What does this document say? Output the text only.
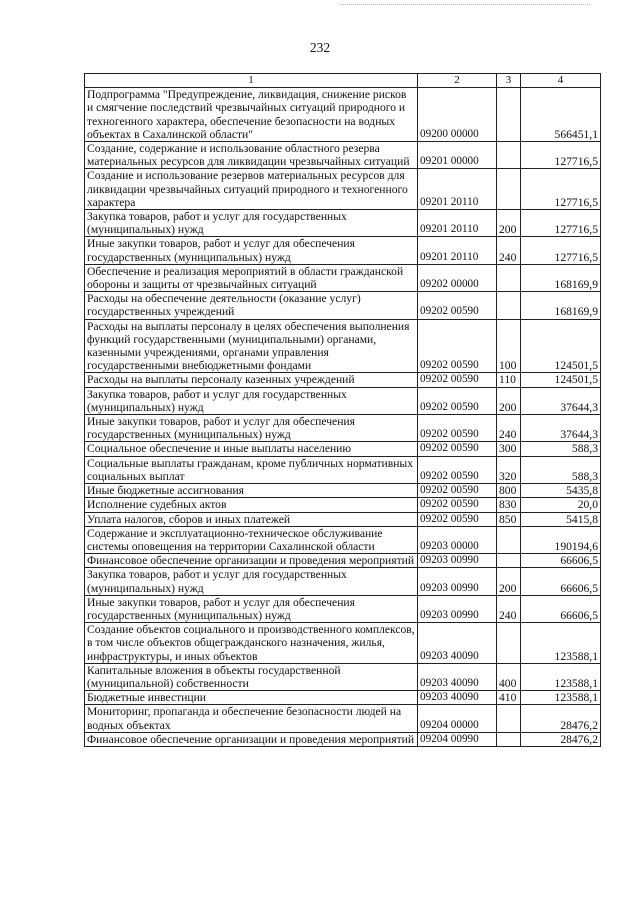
232
1	2	3	4
Подпрограмма "Предупреждение, ликвидация, снижение рисков и смягчение последствий чрезвычайных ситуаций природного и техногенного характера, обеспечение безопасности на водных объектах в Сахалинской области"	09200 00000		566451,1
Создание, содержание и использование областного резерва материальных ресурсов для ликвидации чрезвычайных ситуаций	09201 00000		127716,5
Создание и использование резервов материальных ресурсов для ликвидации чрезвычайных ситуаций природного и техногенного характера	09201 20110		127716,5
Закупка товаров, работ и услуг для государственных (муниципальных) нужд	09201 20110	200	127716,5
Иные закупки товаров, работ и услуг для обеспечения государственных (муниципальных) нужд	09201 20110	240	127716,5
Обеспечение и реализация мероприятий в области гражданской обороны и защиты от чрезвычайных ситуаций	09202 00000		168169,9
Расходы на обеспечение деятельности (оказание услуг) государственных учреждений	09202 00590		168169,9
Расходы на выплаты персоналу в целях обеспечения выполнения функций государственными (муниципальными) органами, казенными учреждениями, органами управления государственными внебюджетными фондами	09202 00590	100	124501,5
Расходы на выплаты персоналу казенных учреждений	09202 00590	110	124501,5
Закупка товаров, работ и услуг для государственных (муниципальных) нужд	09202 00590	200	37644,3
Иные закупки товаров, работ и услуг для обеспечения государственных (муниципальных) нужд	09202 00590	240	37644,3
Социальное обеспечение и иные выплаты населению	09202 00590	300	588,3
Социальные выплаты гражданам, кроме публичных нормативных социальных выплат	09202 00590	320	588,3
Иные бюджетные ассигнования	09202 00590	800	5435,8
Исполнение судебных актов	09202 00590	830	20,0
Уплата налогов, сборов и иных платежей	09202 00590	850	5415,8
Содержание и эксплуатационно-техническое обслуживание системы оповещения на территории Сахалинской области	09203 00000		190194,6
Финансовое обеспечение организации и проведения мероприятий	09203 00990		66606,5
Закупка товаров, работ и услуг для государственных (муниципальных) нужд	09203 00990	200	66606,5
Иные закупки товаров, работ и услуг для обеспечения государственных (муниципальных) нужд	09203 00990	240	66606,5
Создание объектов социального и производственного комплексов, в том числе объектов общегражданского назначения, жилья, инфраструктуры, и иных объектов	09203 40090		123588,1
Капитальные вложения в объекты государственной (муниципальной) собственности	09203 40090	400	123588,1
Бюджетные инвестиции	09203 40090	410	123588,1
Мониторинг, пропаганда и обеспечение безопасности людей на водных объектах	09204 00000		28476,2
Финансовое обеспечение организации и проведения мероприятий	09204 00990		28476,2
